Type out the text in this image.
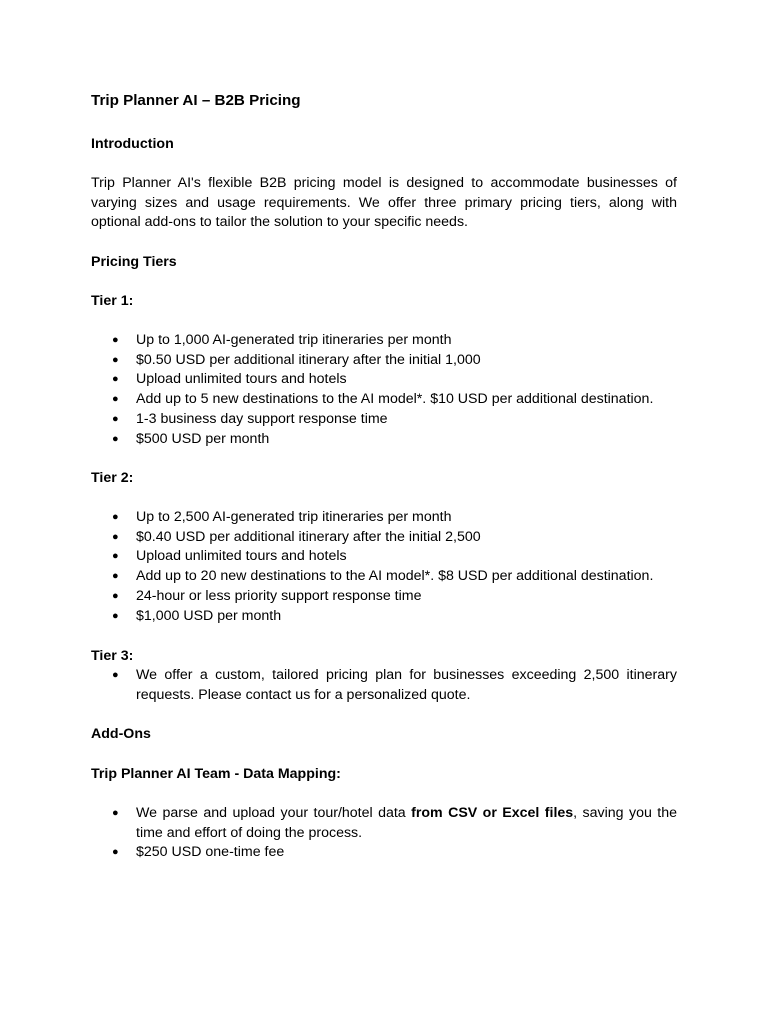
Trip Planner AI – B2B Pricing
Introduction
Trip Planner AI's flexible B2B pricing model is designed to accommodate businesses of varying sizes and usage requirements. We offer three primary pricing tiers, along with optional add-ons to tailor the solution to your specific needs.
Pricing Tiers
Tier 1:
● Up to 1,000 AI-generated trip itineraries per month
● $0.50 USD per additional itinerary after the initial 1,000
● Upload unlimited tours and hotels
● Add up to 5 new destinations to the AI model*. $10 USD per additional destination.
● 1-3 business day support response time
● $500 USD per month
Tier 2:
● Up to 2,500 AI-generated trip itineraries per month
● $0.40 USD per additional itinerary after the initial 2,500
● Upload unlimited tours and hotels
● Add up to 20 new destinations to the AI model*. $8 USD per additional destination.
● 24-hour or less priority support response time
● $1,000 USD per month
Tier 3:
● We offer a custom, tailored pricing plan for businesses exceeding 2,500 itinerary requests. Please contact us for a personalized quote.
Add-Ons
Trip Planner AI Team - Data Mapping:
● We parse and upload your tour/hotel data from CSV or Excel files, saving you the time and effort of doing the process.
● $250 USD one-time fee
